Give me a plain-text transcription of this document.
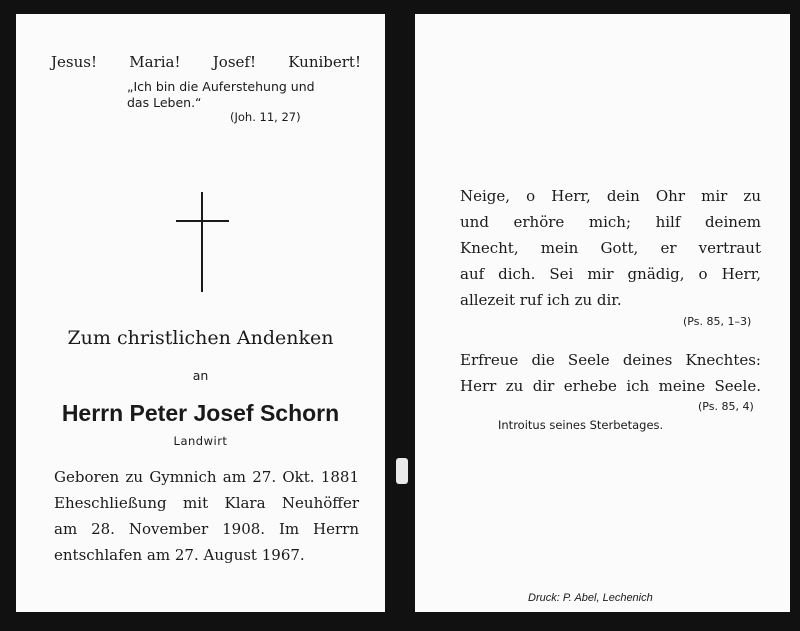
Jesus! Maria! Josef! Kunibert!
„Ich bin die Auferstehung und
das Leben.“
(Joh. 11, 27)
Zum christlichen Andenken
an
Herrn Peter Josef Schorn
Landwirt
Geboren zu Gymnich am 27. Okt. 1881
Eheschließung mit Klara Neuhöffer
am 28. November 1908. Im Herrn
entschlafen am 27. August 1967.
Neige, o Herr, dein Ohr mir zu
und erhöre mich; hilf deinem
Knecht, mein Gott, er vertraut
auf dich. Sei mir gnädig, o Herr,
allezeit ruf ich zu dir.
(Ps. 85, 1–3)
Erfreue die Seele deines Knechtes:
Herr zu dir erhebe ich meine Seele.
(Ps. 85, 4)
Introitus seines Sterbetages.
Druck: P. Abel, Lechenich
